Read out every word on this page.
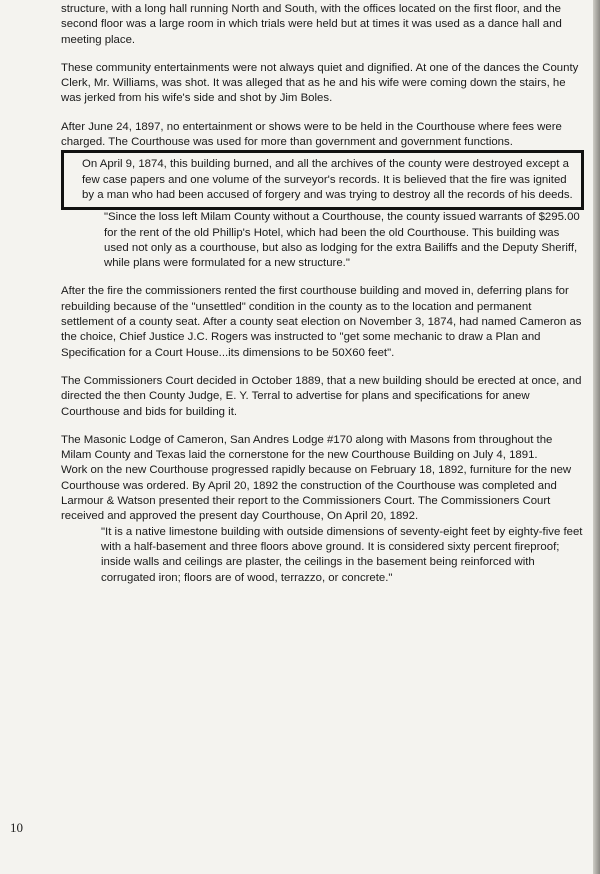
structure, with a long hall running North and South, with the offices located on the first floor, and the second floor was a large room in which trials were held but at times it was used as a dance hall and meeting place.

These community entertainments were not always quiet and dignified. At one of the dances the County Clerk, Mr. Williams, was shot. It was alleged that as he and his wife were coming down the stairs, he was jerked from his wife's side and shot by Jim Boles.

After June 24, 1897, no entertainment or shows were to be held in the Courthouse where fees were charged. The Courthouse was used for more than government and government functions.

On April 9, 1874, this building burned, and all the archives of the county were destroyed except a few case papers and one volume of the surveyor's records. It is believed that the fire was ignited by a man who had been accused of forgery and was trying to destroy all the records of his deeds.

"Since the loss left Milam County without a Courthouse, the county issued warrants of $295.00 for the rent of the old Phillip's Hotel, which had been the old Courthouse. This building was used not only as a courthouse, but also as lodging for the extra Bailiffs and the Deputy Sheriff, while plans were formulated for a new structure."

After the fire the commissioners rented the first courthouse building and moved in, deferring plans for rebuilding because of the "unsettled" condition in the county as to the location and permanent settlement of a county seat. After a county seat election on November 3, 1874, had named Cameron as the choice, Chief Justice J.C. Rogers was instructed to "get some mechanic to draw a Plan and Specification for a Court House...its dimensions to be 50X60 feet".

The Commissioners Court decided in October 1889, that a new building should be erected at once, and directed the then County Judge, E. Y. Terral to advertise for plans and specifications for anew Courthouse and bids for building it.

The Masonic Lodge of Cameron, San Andres Lodge #170 along with Masons from throughout the Milam County and Texas laid the cornerstone for the new Courthouse Building on July 4, 1891.

Work on the new Courthouse progressed rapidly because on February 18, 1892, furniture for the new Courthouse was ordered. By April 20, 1892 the construction of the Courthouse was completed and Larmour & Watson presented their report to the Commissioners Court. The Commissioners Court received and approved the present day Courthouse, On April 20, 1892.

"It is a native limestone building with outside dimensions of seventy-eight feet by eighty-five feet with a half-basement and three floors above ground. It is considered sixty percent fireproof; inside walls and ceilings are plaster, the ceilings in the basement being reinforced with corrugated iron; floors are of wood, terrazzo, or concrete."

10
